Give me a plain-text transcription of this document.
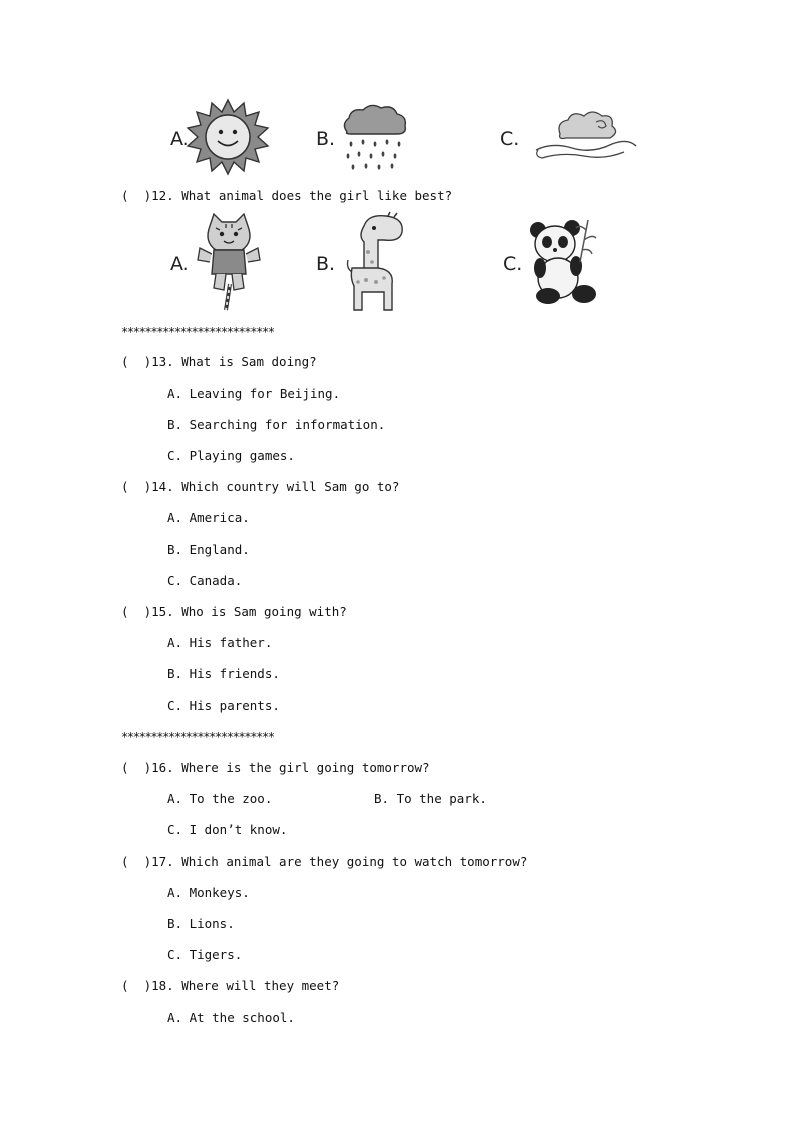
A.	B.	C.
(  )12. What animal does the girl like best?
A.	B.	C.
**************************
(  )13. What is Sam doing?
A. Leaving for Beijing.
B. Searching for information.
C. Playing games.
(  )14. Which country will Sam go to?
A. America.
B. England.
C. Canada.
(  )15. Who is Sam going with?
A. His father.
B. His friends.
C. His parents.
**************************
(  )16. Where is the girl going tomorrow?
A. To the zoo.	B. To the park.
C. I don’t know.
(  )17. Which animal are they going to watch tomorrow?
A. Monkeys.
B. Lions.
C. Tigers.
(  )18. Where will they meet?
A. At the school.
